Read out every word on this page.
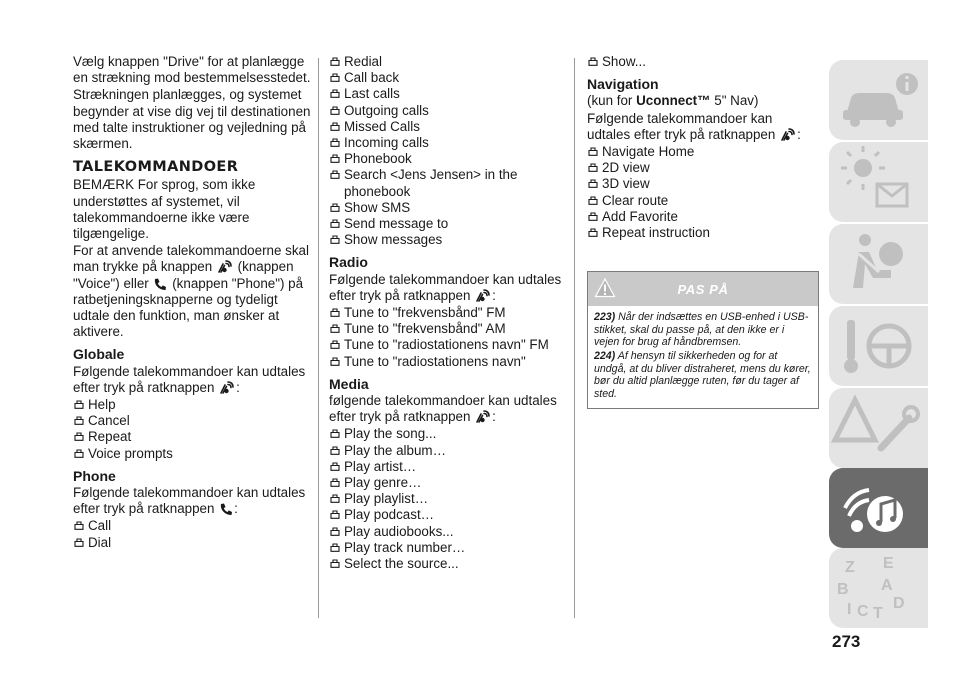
Vælg knappen "Drive" for at planlægge en strækning mod bestemmelsesstedet.

Strækningen planlægges, og systemet begynder at vise dig vej til destinationen med talte instruktioner og vejledning på skærmen.

TALEKOMMANDOER

BEMÆRK For sprog, som ikke understøttes af systemet, vil talekommandoerne ikke være tilgængelige.

For at anvende talekommandoerne skal man trykke på knappen (knappen "Voice") eller (knappen "Phone") på ratbetjeningsknapperne og tydeligt udtale den funktion, man ønsker at aktivere.

Globale

Følgende talekommandoer kan udtales efter tryk på ratknappen :

Help
Cancel
Repeat
Voice prompts
Phone

Følgende talekommandoer kan udtales efter tryk på ratknappen :

Call
Dial
Redial
Call back
Last calls
Outgoing calls
Missed Calls
Incoming calls
Phonebook
Search <Jens Jensen> in the phonebook
Show SMS
Send message to
Show messages
Radio

Følgende talekommandoer kan udtales efter tryk på ratknappen :

Tune to "frekvensbånd" FM
Tune to "frekvensbånd" AM
Tune to "radiostationens navn" FM
Tune to "radiostationens navn"
Media

følgende talekommandoer kan udtales efter tryk på ratknappen :

Play the song...
Play the album…
Play artist…
Play genre…
Play playlist…
Play podcast…
Play audiobooks...
Play track number…
Select the source...
Show...
Navigation

(kun for Uconnect™ 5" Nav)

Følgende talekommandoer kan udtales efter tryk på ratknappen :

Navigate Home
2D view
3D view
Clear route
Add Favorite
Repeat instruction
PAS PÅ

223) Når der indsættes en USB-enhed i USB-stikket, skal du passe på, at den ikke er i vejen for brug af håndbremsen.

224) Af hensyn til sikkerheden og for at undgå, at du bliver distraheret, mens du kører, bør du altid planlægge ruten, før du tager af sted.

Z E
B A
I C T
D
273
